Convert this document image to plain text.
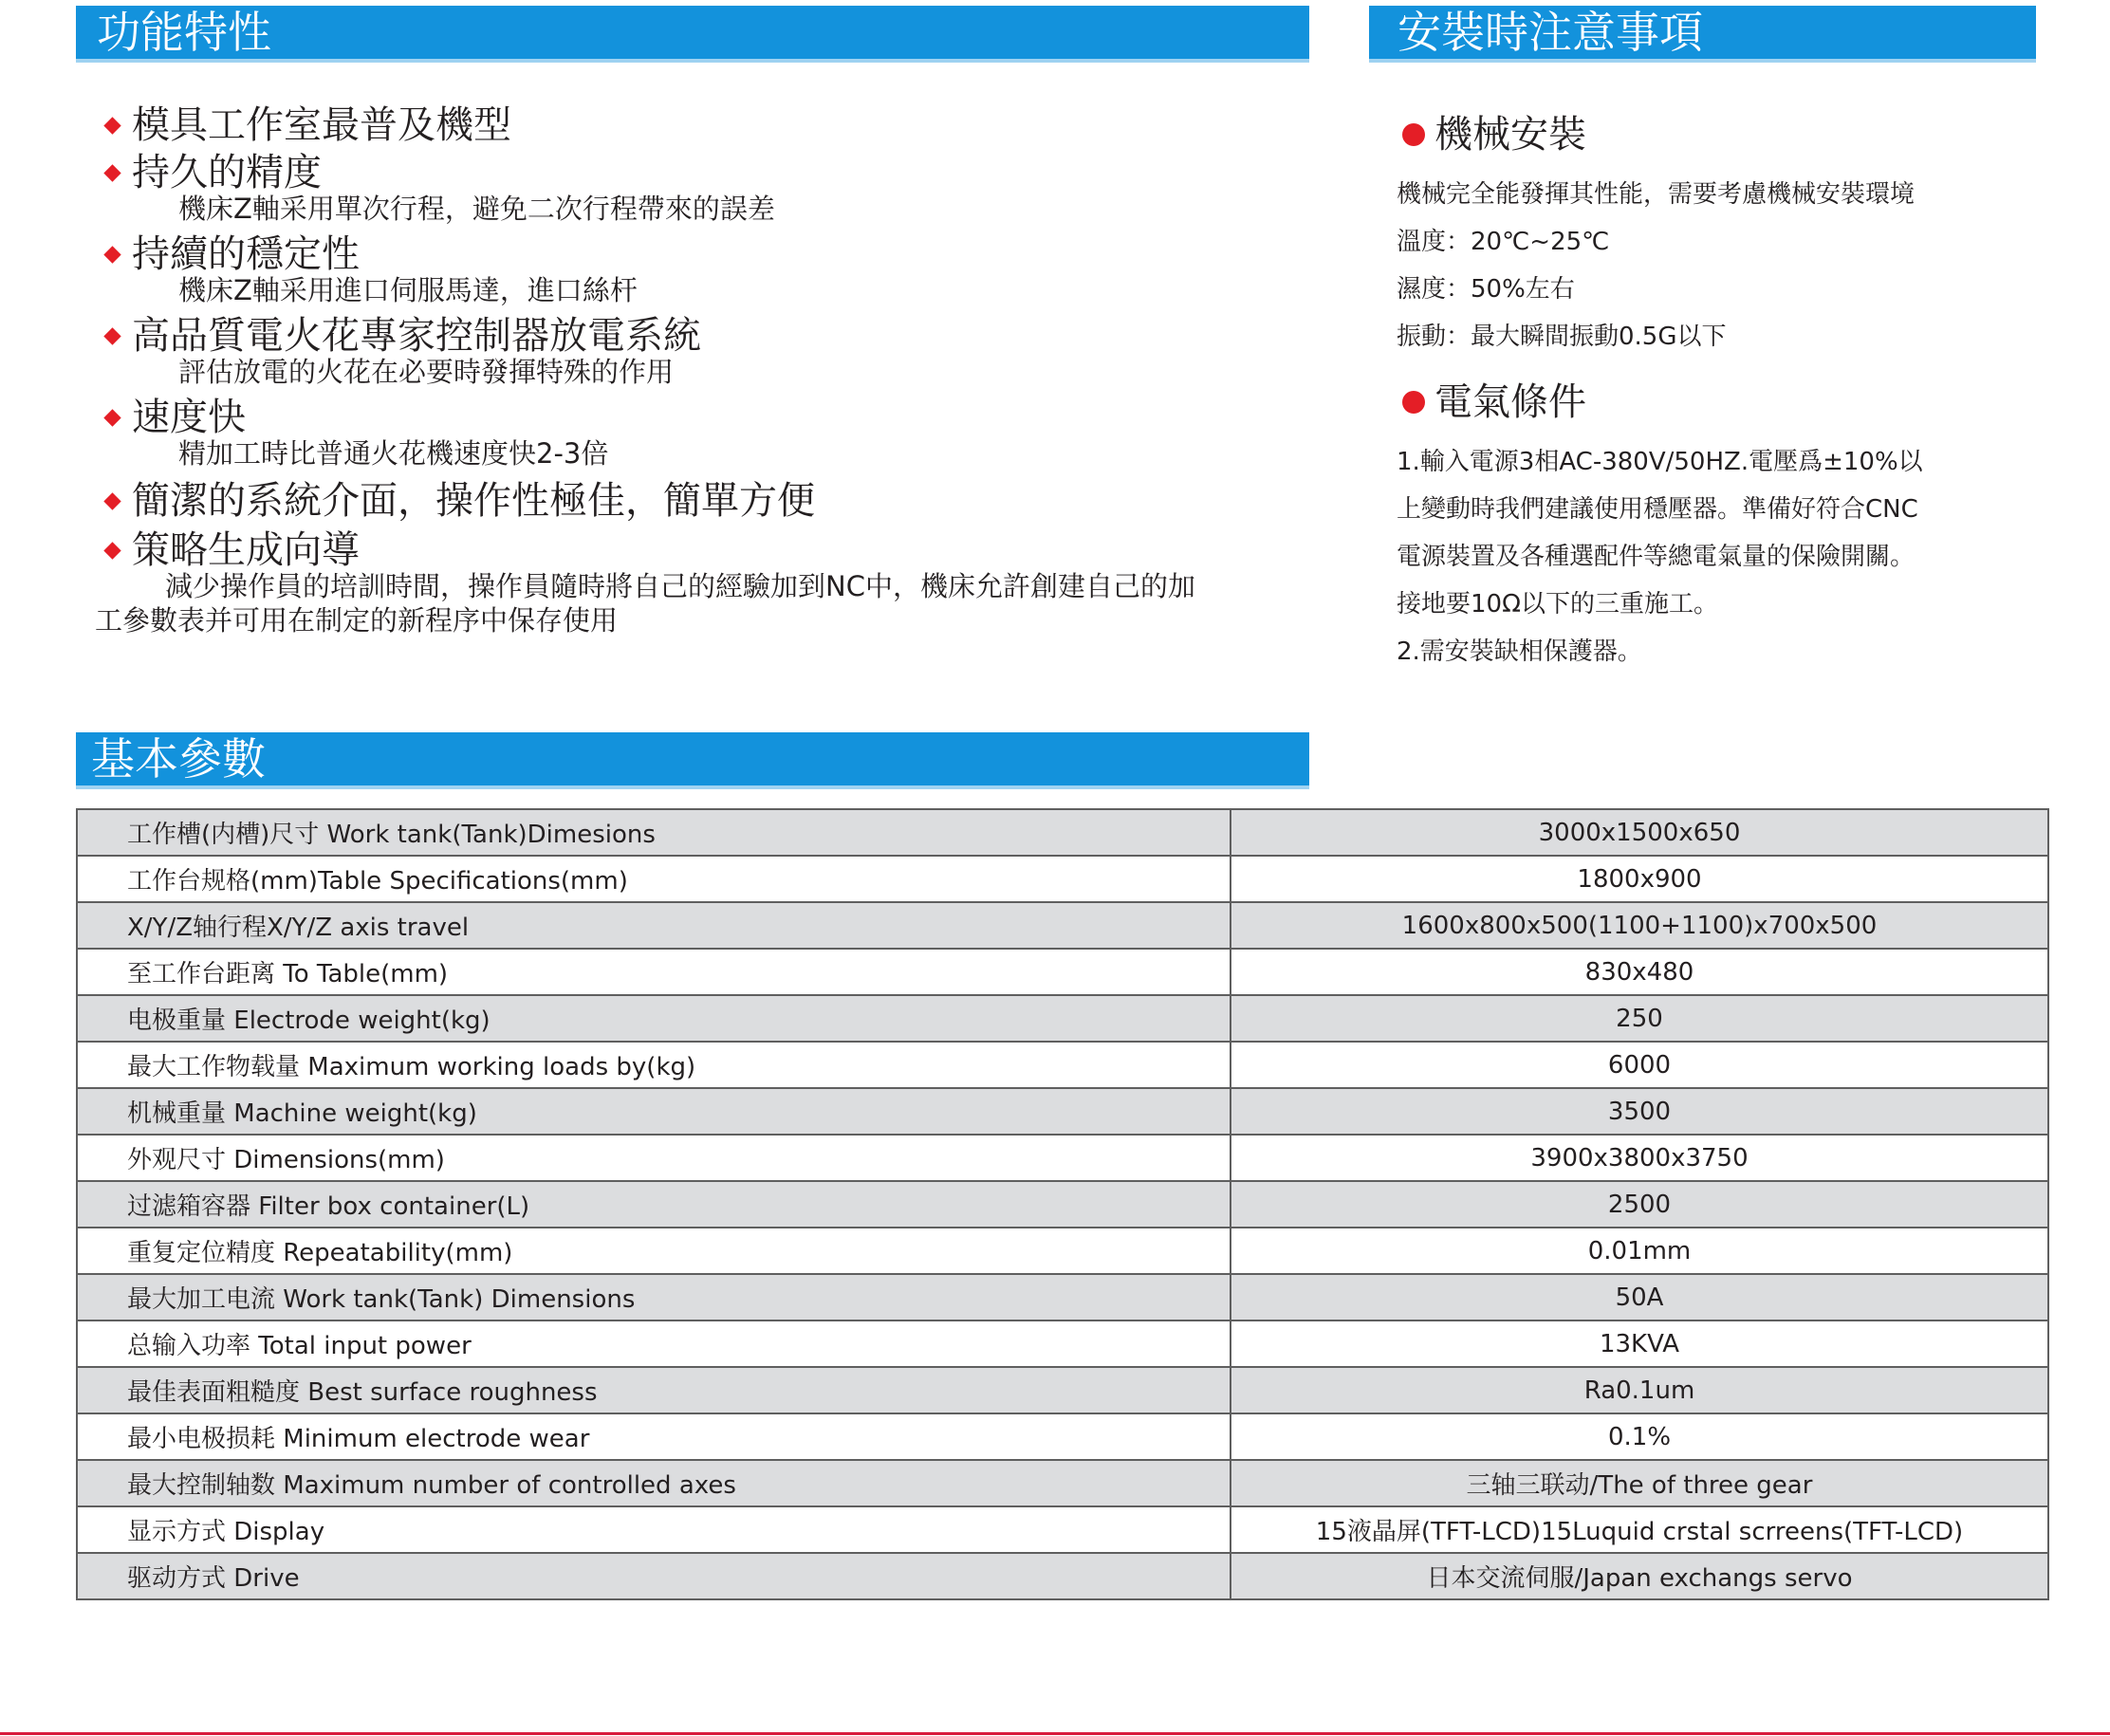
功能特性	安裝時注意事項
模具工作室最普及機型
持久的精度
機床Z軸采用單次行程，避免二次行程帶來的誤差
持續的穩定性
機床Z軸采用進口伺服馬達，進口絲杆
高品質電火花專家控制器放電系統
評估放電的火花在必要時發揮特殊的作用
速度快
精加工時比普通火花機速度快2-3倍
簡潔的系統介面，操作性極佳，簡單方便
策略生成向導
減少操作員的培訓時間，操作員隨時將自己的經驗加到NC中，機床允許創建自己的加工參數表并可用在制定的新程序中保存使用
機械安裝
機械完全能發揮其性能，需要考慮機械安裝環境
溫度：20℃~25℃
濕度：50%左右
振動：最大瞬間振動0.5G以下
電氣條件
1.輸入電源3相AC-380V/50HZ.電壓爲±10%以
上變動時我們建議使用穩壓器。準備好符合CNC
電源裝置及各種選配件等總電氣量的保險開關。
接地要10Ω以下的三重施工。
2.需安裝缺相保護器。
基本參數
工作槽(内槽)尺寸 Work tank(Tank)Dimesions	3000x1500x650
工作台规格(mm)Table Specifications(mm)	1800x900
X/Y/Z轴行程X/Y/Z axis travel	1600x800x500(1100+1100)x700x500
至工作台距离 To Table(mm)	830x480
电极重量 Electrode weight(kg)	250
最大工作物载量 Maximum working loads by(kg)	6000
机械重量 Machine weight(kg)	3500
外观尺寸 Dimensions(mm)	3900x3800x3750
过滤箱容器 Filter box container(L)	2500
重复定位精度 Repeatability(mm)	0.01mm
最大加工电流 Work tank(Tank) Dimensions	50A
总输入功率 Total input power	13KVA
最佳表面粗糙度 Best surface roughness	Ra0.1um
最小电极损耗 Minimum electrode wear	0.1%
最大控制轴数 Maximum number of controlled axes	三轴三联动/The of three gear
显示方式 Display	15液晶屏(TFT-LCD)15Luquid crstal scrreens(TFT-LCD)
驱动方式 Drive	日本交流伺服/Japan exchangs servo
